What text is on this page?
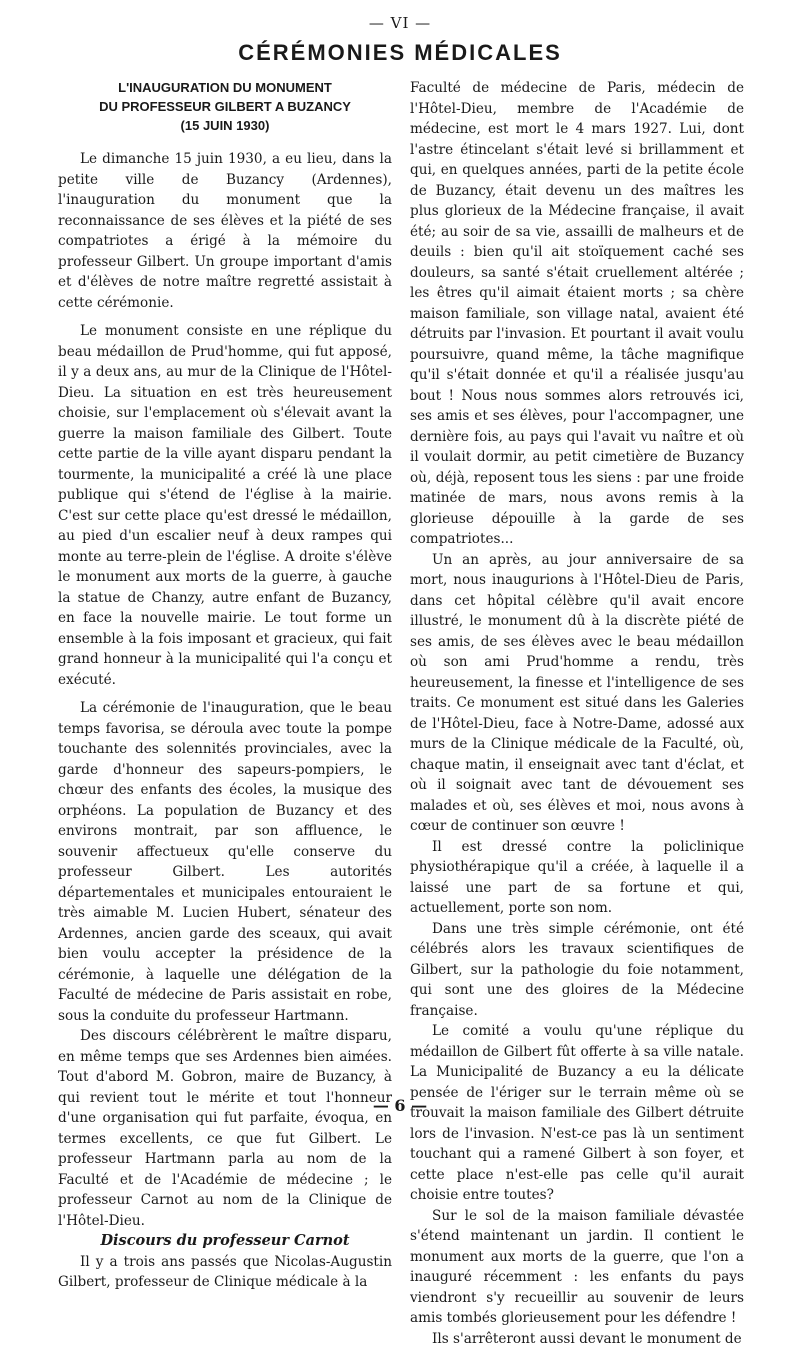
— VI —
CÉRÉMONIES MÉDICALES
L'INAUGURATION DU MONUMENT
DU PROFESSEUR GILBERT A BUZANCY
(15 JUIN 1930)

Le dimanche 15 juin 1930, a eu lieu, dans la petite ville de Buzancy (Ardennes), l'inauguration du monument que la reconnaissance de ses élèves et la piété de ses compatriotes a érigé à la mémoire du professeur Gilbert. Un groupe important d'amis et d'élèves de notre maître regretté assistait à cette cérémonie.

Le monument consiste en une réplique du beau médaillon de Prud'homme, qui fut apposé, il y a deux ans, au mur de la Clinique de l'Hôtel-Dieu. La situation en est très heureusement choisie, sur l'emplacement où s'élevait avant la guerre la maison familiale des Gilbert. Toute cette partie de la ville ayant disparu pendant la tourmente, la municipalité a créé là une place publique qui s'étend de l'église à la mairie. C'est sur cette place qu'est dressé le médaillon, au pied d'un escalier neuf à deux rampes qui monte au terre-plein de l'église. A droite s'élève le monument aux morts de la guerre, à gauche la statue de Chanzy, autre enfant de Buzancy, en face la nouvelle mairie. Le tout forme un ensemble à la fois imposant et gracieux, qui fait grand honneur à la municipalité qui l'a conçu et exécuté.

La cérémonie de l'inauguration, que le beau temps favorisa, se déroula avec toute la pompe touchante des solennités provinciales, avec la garde d'honneur des sapeurs-pompiers, le chœur des enfants des écoles, la musique des orphéons. La population de Buzancy et des environs montrait, par son affluence, le souvenir affectueux qu'elle conserve du professeur Gilbert. Les autorités départementales et municipales entouraient le très aimable M. Lucien Hubert, sénateur des Ardennes, ancien garde des sceaux, qui avait bien voulu accepter la présidence de la cérémonie, à laquelle une délégation de la Faculté de médecine de Paris assistait en robe, sous la conduite du professeur Hartmann.

Des discours célébrèrent le maître disparu, en même temps que ses Ardennes bien aimées. Tout d'abord M. Gobron, maire de Buzancy, à qui revient tout le mérite et tout l'honneur d'une organisation qui fut parfaite, évoqua, en termes excellents, ce que fut Gilbert. Le professeur Hartmann parla au nom de la Faculté et de l'Académie de médecine ; le professeur Carnot au nom de la Clinique de l'Hôtel-Dieu.

Discours du professeur Carnot

Il y a trois ans passés que Nicolas-Augustin Gilbert, professeur de Clinique médicale à la

Faculté de médecine de Paris, médecin de l'Hôtel-Dieu, membre de l'Académie de médecine, est mort le 4 mars 1927. Lui, dont l'astre étincelant s'était levé si brillamment et qui, en quelques années, parti de la petite école de Buzancy, était devenu un des maîtres les plus glorieux de la Médecine française, il avait été; au soir de sa vie, assailli de malheurs et de deuils : bien qu'il ait stoïquement caché ses douleurs, sa santé s'était cruellement altérée ; les êtres qu'il aimait étaient morts ; sa chère maison familiale, son village natal, avaient été détruits par l'invasion. Et pourtant il avait voulu poursuivre, quand même, la tâche magnifique qu'il s'était donnée et qu'il a réalisée jusqu'au bout ! Nous nous sommes alors retrouvés ici, ses amis et ses élèves, pour l'accompagner, une dernière fois, au pays qui l'avait vu naître et où il voulait dormir, au petit cimetière de Buzancy où, déjà, reposent tous les siens : par une froide matinée de mars, nous avons remis à la glorieuse dépouille à la garde de ses compatriotes...

Un an après, au jour anniversaire de sa mort, nous inaugurions à l'Hôtel-Dieu de Paris, dans cet hôpital célèbre qu'il avait encore illustré, le monument dû à la discrète piété de ses amis, de ses élèves avec le beau médaillon où son ami Prud'homme a rendu, très heureusement, la finesse et l'intelligence de ses traits. Ce monument est situé dans les Galeries de l'Hôtel-Dieu, face à Notre-Dame, adossé aux murs de la Clinique médicale de la Faculté, où, chaque matin, il enseignait avec tant d'éclat, et où il soignait avec tant de dévouement ses malades et où, ses élèves et moi, nous avons à cœur de continuer son œuvre !

Il est dressé contre la policlinique physiothérapique qu'il a créée, à laquelle il a laissé une part de sa fortune et qui, actuellement, porte son nom.

Dans une très simple cérémonie, ont été célébrés alors les travaux scientifiques de Gilbert, sur la pathologie du foie notamment, qui sont une des gloires de la Médecine française.

Le comité a voulu qu'une réplique du médaillon de Gilbert fût offerte à sa ville natale. La Municipalité de Buzancy a eu la délicate pensée de l'ériger sur le terrain même où se trouvait la maison familiale des Gilbert détruite lors de l'invasion. N'est-ce pas là un sentiment touchant qui a ramené Gilbert à son foyer, et cette place n'est-elle pas celle qu'il aurait choisie entre toutes?

Sur le sol de la maison familiale dévastée s'étend maintenant un jardin. Il contient le monument aux morts de la guerre, que l'on a inauguré récemment : les enfants du pays viendront s'y recueillir au souvenir de leurs amis tombés glorieusement pour les défendre !

Ils s'arrêteront aussi devant le monument de

— 6 —
